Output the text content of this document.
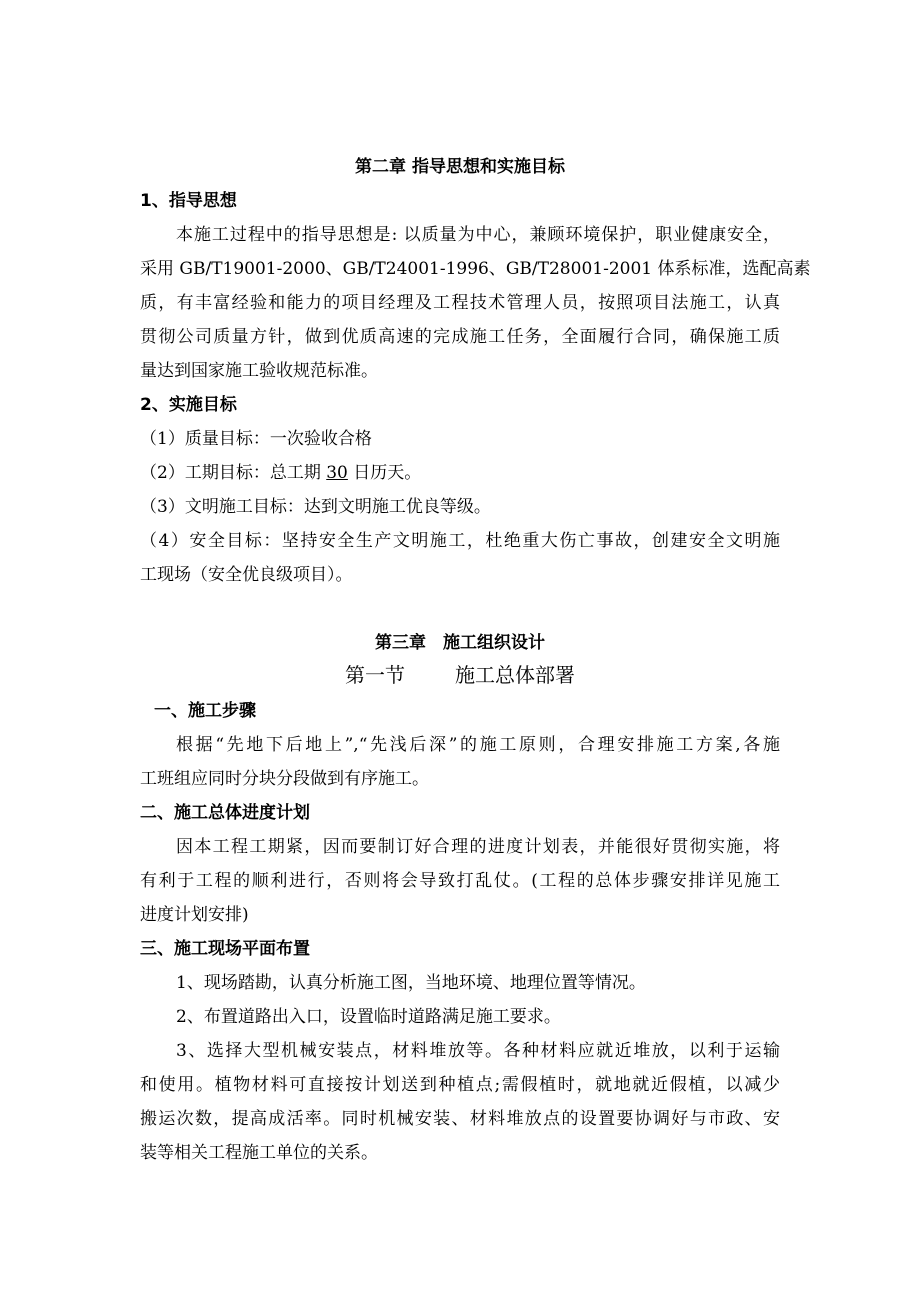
第二章 指导思想和实施目标

1、指导思想

本施工过程中的指导思想是: 以质量为中心，兼顾环境保护，职业健康安全，

采用 GB/T19001-2000、GB/T24001-1996、GB/T28001-2001 体系标准，选配高素

质，有丰富经验和能力的项目经理及工程技术管理人员，按照项目法施工，认真

贯彻公司质量方针，做到优质高速的完成施工任务，全面履行合同，确保施工质

量达到国家施工验收规范标准。

2、实施目标

（1）质量目标：一次验收合格

（2）工期目标：总工期 30 日历天。

（3）文明施工目标：达到文明施工优良等级。

（4）安全目标：坚持安全生产文明施工，杜绝重大伤亡事故，创建安全文明施

工现场（安全优良级项目）。

第三章　施工组织设计

第一节	施工总体部署

一、施工步骤

根据“先地下后地上”,“先浅后深”的施工原则，合理安排施工方案,各施

工班组应同时分块分段做到有序施工。

二、施工总体进度计划

因本工程工期紧，因而要制订好合理的进度计划表，并能很好贯彻实施，将

有利于工程的顺利进行，否则将会导致打乱仗。(工程的总体步骤安排详见施工

进度计划安排)

三、施工现场平面布置

1、现场踏勘，认真分析施工图，当地环境、地理位置等情况。

2、布置道路出入口，设置临时道路满足施工要求。

3、选择大型机械安装点，材料堆放等。各种材料应就近堆放，以利于运输

和使用。植物材料可直接按计划送到种植点;需假植时，就地就近假植，以减少

搬运次数，提高成活率。同时机械安装、材料堆放点的设置要协调好与市政、安

装等相关工程施工单位的关系。
